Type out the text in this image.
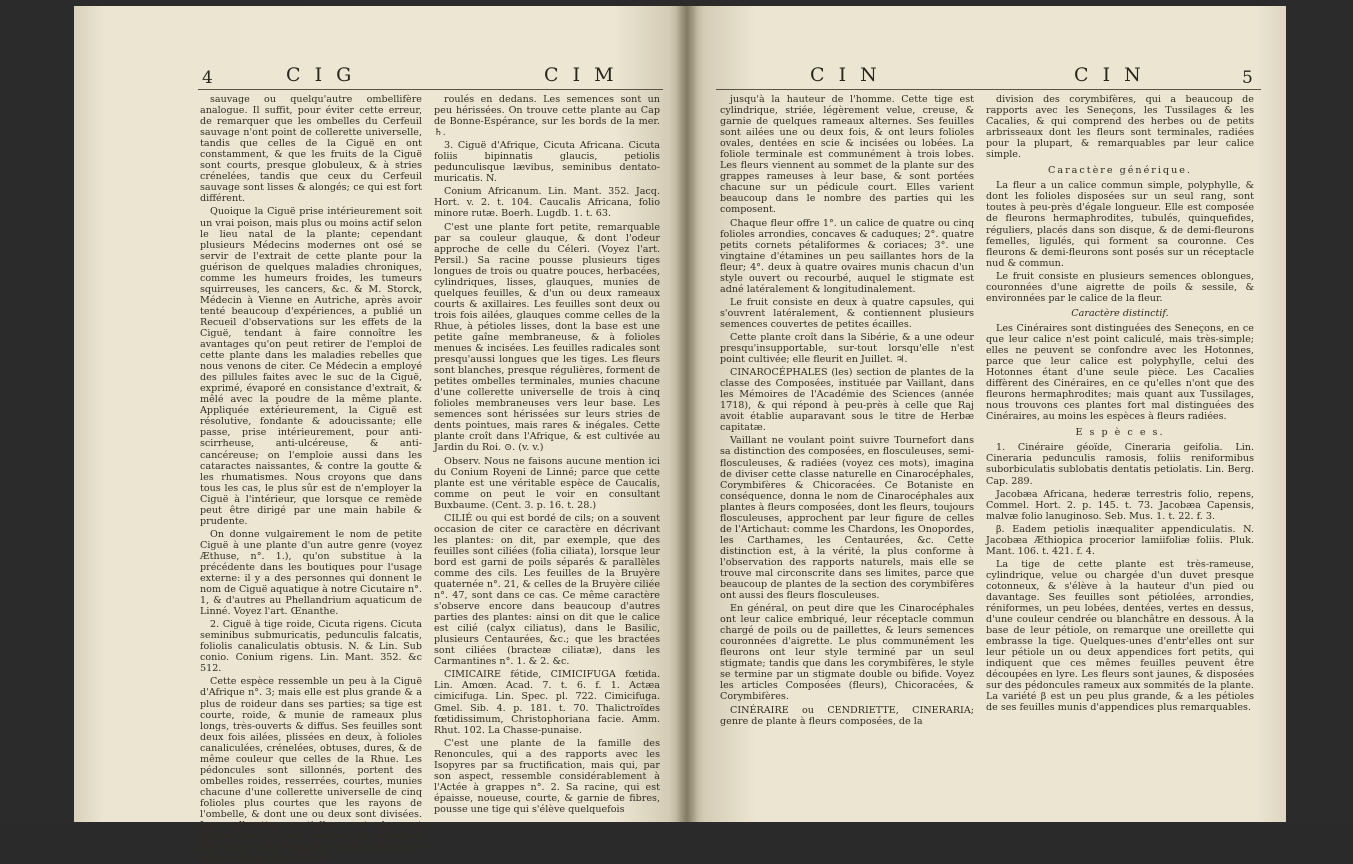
4	C I G	C I M

sauvage ou quelqu'autre ombellifère analogue. Il suffit, pour éviter cette erreur, de remarquer que les ombelles du Cerfeuil sauvage n'ont point de collerette universelle, tandis que celles de la Ciguë en ont constamment, & que les fruits de la Ciguë sont courts, presque globuleux, & à stries crénelées, tandis que ceux du Cerfeuil sauvage sont lisses & alongés; ce qui est fort différent.

Quoique la Ciguë prise intérieurement soit un vrai poison, mais plus ou moins actif selon le lieu natal de la plante; cependant plusieurs Médecins modernes ont osé se servir de l'extrait de cette plante pour la guérison de quelques maladies chroniques, comme les humeurs froides, les tumeurs squirreuses, les cancers, &c. & M. Storck, Médecin à Vienne en Autriche, après avoir tenté beaucoup d'expériences, a publié un Recueil d'observations sur les effets de la Ciguë, tendant à faire connoître les avantages qu'on peut retirer de l'emploi de cette plante dans les maladies rebelles que nous venons de citer. Ce Médecin a employé des pillules faites avec le suc de la Ciguë, exprimé, évaporé en consistance d'extrait, & mêlé avec la poudre de la même plante. Appliquée extérieurement, la Ciguë est résolutive, fondante & adoucissante; elle passe, prise intérieurement, pour anti-scirrheuse, anti-ulcéreuse, & anti-cancéreuse; on l'emploie aussi dans les cataractes naissantes, & contre la goutte & les rhumatismes. Nous croyons que dans tous les cas, le plus sûr est de n'employer la Ciguë à l'intérieur, que lorsque ce remède peut être dirigé par une main habile & prudente.

On donne vulgairement le nom de petite Ciguë à une plante d'un autre genre (voyez Æthuse, n°. 1.), qu'on substitue à la précédente dans les boutiques pour l'usage externe: il y a des personnes qui donnent le nom de Ciguë aquatique à notre Cicutaire n°. 1, & d'autres au Phellandrium aquaticum de Linné. Voyez l'art. Œnanthe.

2. Ciguë à tige roide, Cicuta rigens. Cicuta seminibus submuricatis, pedunculis falcatis, foliolis canaliculatis obtusis. N. & Lin. Sub conio. Conium rigens. Lin. Mant. 352. &c 512.

Cette espèce ressemble un peu à la Ciguë d'Afrique n°. 3; mais elle est plus grande & a plus de roideur dans ses parties; sa tige est courte, roide, & munie de rameaux plus longs, très-ouverts & diffus. Ses feuilles sont deux fois ailées, plissées en deux, à folioles canaliculées, crénelées, obtuses, dures, & de même couleur que celles de la Rhue. Les pédoncules sont sillonnés, portent des ombelles roides, resserrées, courtes, munies chacune d'une collerette universelle de cinq folioles plus courtes que les rayons de l'ombelle, & dont une ou deux sont divisées. Les collerettes partielles sont de sept folioles, dont un petit nombre sont crénelées. Les fleurs sont blanches, toutes fertiles, à pétales égaux, lancéolés &

roulés en dedans. Les semences sont un peu hérissées. On trouve cette plante au Cap de Bonne-Espérance, sur les bords de la mer. ♄.

3. Ciguë d'Afrique, Cicuta Africana. Cicuta foliis bipinnatis glaucis, petiolis pedunculisque lævibus, seminibus dentato-muricatis. N.

Conium Africanum. Lin. Mant. 352. Jacq. Hort. v. 2. t. 104. Caucalis Africana, folio minore rutæ. Boerh. Lugdb. 1. t. 63.

C'est une plante fort petite, remarquable par sa couleur glauque, & dont l'odeur approche de celle du Céleri. (Voyez l'art. Persil.) Sa racine pousse plusieurs tiges longues de trois ou quatre pouces, herbacées, cylindriques, lisses, glauques, munies de quelques feuilles, & d'un ou deux rameaux courts & axillaires. Les feuilles sont deux ou trois fois ailées, glauques comme celles de la Rhue, à pétioles lisses, dont la base est une petite gaîne membraneuse, & à folioles menues & incisées. Les feuilles radicales sont presqu'aussi longues que les tiges. Les fleurs sont blanches, presque régulières, forment de petites ombelles terminales, munies chacune d'une collerette universelle de trois à cinq folioles membraneuses vers leur base. Les semences sont hérissées sur leurs stries de dents pointues, mais rares & inégales. Cette plante croît dans l'Afrique, & est cultivée au Jardin du Roi. ⊙. (v. v.)

Observ. Nous ne faisons aucune mention ici du Conium Royeni de Linné; parce que cette plante est une véritable espèce de Caucalis, comme on peut le voir en consultant Buxbaume. (Cent. 3. p. 16. t. 28.)

CILIÉ ou qui est bordé de cils; on a souvent occasion de citer ce caractère en décrivant les plantes: on dit, par exemple, que des feuilles sont ciliées (folia ciliata), lorsque leur bord est garni de poils séparés & parallèles comme des cils. Les feuilles de la Bruyère quaternée n°. 21, & celles de la Bruyère ciliée n°. 47, sont dans ce cas. Ce même caractère s'observe encore dans beaucoup d'autres parties des plantes: ainsi on dit que le calice est cilié (calyx ciliatus), dans le Basilic, plusieurs Centaurées, &c.; que les bractées sont ciliées (bracteæ ciliatæ), dans les Carmantines n°. 1. & 2. &c.

CIMICAIRE fétide, CIMICIFUGA fœtida. Lin. Amœn. Acad. 7. t. 6. f. 1. Actæa cimicifuga. Lin. Spec. pl. 722. Cimicifuga. Gmel. Sib. 4. p. 181. t. 70. Thalictroïdes fœtidissimum, Christophoriana facie. Amm. Rhut. 102. La Chasse-punaise.

C'est une plante de la famille des Renoncules, qui a des rapports avec les Isopyres par sa fructification, mais qui, par son aspect, ressemble considérablement à l'Actée à grappes n°. 2. Sa racine, qui est épaisse, noueuse, courte, & garnie de fibres, pousse une tige qui s'élève quelquefois

C I N	C I N	5

jusqu'à la hauteur de l'homme. Cette tige est cylindrique, striée, légèrement velue, creuse, & garnie de quelques rameaux alternes. Ses feuilles sont ailées une ou deux fois, & ont leurs folioles ovales, dentées en scie & incisées ou lobées. La foliole terminale est communément à trois lobes. Les fleurs viennent au sommet de la plante sur des grappes rameuses à leur base, & sont portées chacune sur un pédicule court. Elles varient beaucoup dans le nombre des parties qui les composent.

Chaque fleur offre 1°. un calice de quatre ou cinq folioles arrondies, concaves & caduques; 2°. quatre petits cornets pétaliformes & coriaces; 3°. une vingtaine d'étamines un peu saillantes hors de la fleur; 4°. deux à quatre ovaires munis chacun d'un style ouvert ou recourbé, auquel le stigmate est adné latéralement & longitudinalement.

Le fruit consiste en deux à quatre capsules, qui s'ouvrent latéralement, & contiennent plusieurs semences couvertes de petites écailles.

Cette plante croît dans la Sibérie, & a une odeur presqu'insupportable, sur-tout lorsqu'elle n'est point cultivée; elle fleurit en Juillet. ♃.

CINAROCÉPHALES (les) section de plantes de la classe des Composées, instituée par Vaillant, dans les Mémoires de l'Académie des Sciences (année 1718), & qui répond à peu-près à celle que Raj avoit établie auparavant sous le titre de Herbæ capitatæ.

Vaillant ne voulant point suivre Tournefort dans sa distinction des composées, en flosculeuses, semi-flosculeuses, & radiées (voyez ces mots), imagina de diviser cette classe naturelle en Cinarocéphales, Corymbifères & Chicoracées. Ce Botaniste en conséquence, donna le nom de Cinarocéphales aux plantes à fleurs composées, dont les fleurs, toujours flosculeuses, approchent par leur figure de celles de l'Artichaut: comme les Chardons, les Onopordes, les Carthames, les Centaurées, &c. Cette distinction est, à la vérité, la plus conforme à l'observation des rapports naturels, mais elle se trouve mal circonscrite dans ses limites, parce que beaucoup de plantes de la section des corymbifères ont aussi des fleurs flosculeuses.

En général, on peut dire que les Cinarocéphales ont leur calice embriqué, leur réceptacle commun chargé de poils ou de paillettes, & leurs semences couronnées d'aigrette. Le plus communément les fleurons ont leur style terminé par un seul stigmate; tandis que dans les corymbifères, le style se termine par un stigmate double ou bifide. Voyez les articles Composées (fleurs), Chicoracées, & Corymbifères.

CINÉRAIRE ou CENDRIETTE, CINERARIA; genre de plante à fleurs composées, de la

division des corymbifères, qui a beaucoup de rapports avec les Seneçons, les Tussilages & les Cacalies, & qui comprend des herbes ou de petits arbrisseaux dont les fleurs sont terminales, radiées pour la plupart, & remarquables par leur calice simple.

Caractère générique.

La fleur a un calice commun simple, polyphylle, & dont les folioles disposées sur un seul rang, sont toutes à peu-près d'égale longueur. Elle est composée de fleurons hermaphrodites, tubulés, quinquefides, réguliers, placés dans son disque, & de demi-fleurons femelles, ligulés, qui forment sa couronne. Ces fleurons & demi-fleurons sont posés sur un réceptacle nud & commun.

Le fruit consiste en plusieurs semences oblongues, couronnées d'une aigrette de poils & sessile, & environnées par le calice de la fleur.

Caractère distinctif.

Les Cinéraires sont distinguées des Seneçons, en ce que leur calice n'est point caliculé, mais très-simple; elles ne peuvent se confondre avec les Hotonnes, parce que leur calice est polyphylle, celui des Hotonnes étant d'une seule pièce. Les Cacalies diffèrent des Cinéraires, en ce qu'elles n'ont que des fleurons hermaphrodites; mais quant aux Tussilages, nous trouvons ces plantes fort mal distinguées des Cinéraires, au moins les espèces à fleurs radiées.

E s p è c e s.

1. Cinéraire géoïde, Cineraria geifolia. Lin. Cineraria pedunculis ramosis, foliis reniformibus suborbiculatis sublobatis dentatis petiolatis. Lin. Berg. Cap. 289.

Jacobæa Africana, hederæ terrestris folio, repens, Commel. Hort. 2. p. 145. t. 73. Jacobæa Capensis, malvæ folio lanuginoso. Seb. Mus. 1. t. 22. f. 3.

β. Eadem petiolis inæqualiter appendiculatis. N. Jacobæa Æthiopica procerior lamiifoliæ foliis. Pluk. Mant. 106. t. 421. f. 4.

La tige de cette plante est très-rameuse, cylindrique, velue ou chargée d'un duvet presque cotonneux, & s'élève à la hauteur d'un pied ou davantage. Ses feuilles sont pétiolées, arrondies, réniformes, un peu lobées, dentées, vertes en dessus, d'une couleur cendrée ou blanchâtre en dessous. À la base de leur pétiole, on remarque une oreillette qui embrasse la tige. Quelques-unes d'entr'elles ont sur leur pétiole un ou deux appendices fort petits, qui indiquent que ces mêmes feuilles peuvent être découpées en lyre. Les fleurs sont jaunes, & disposées sur des pédoncules rameux aux sommités de la plante. La variété β est un peu plus grande, & a les pétioles de ses feuilles munis d'appendices plus remarquables.
